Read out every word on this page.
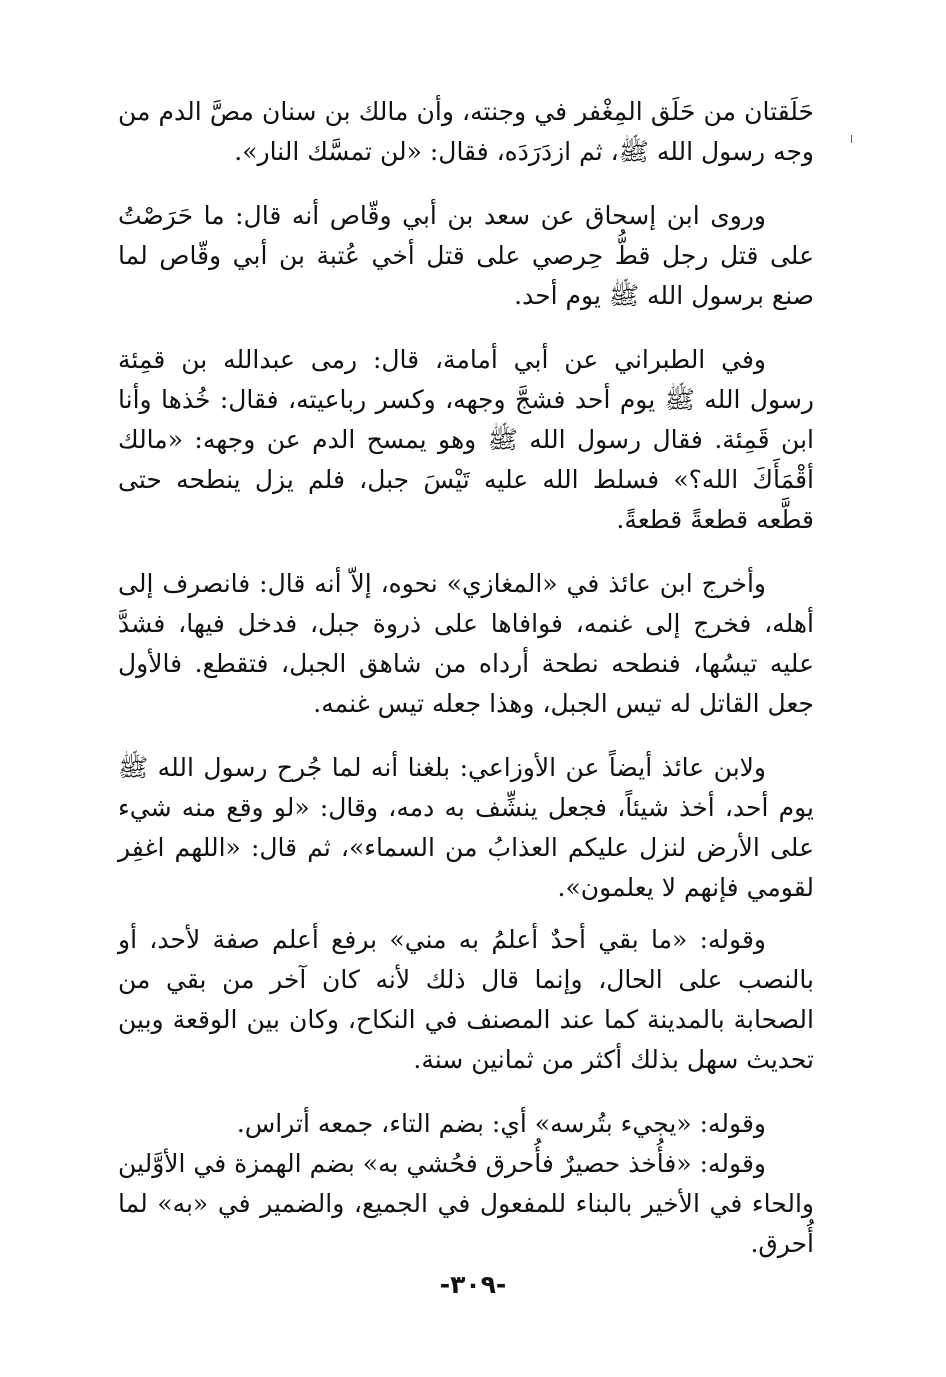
حَلَقتان من حَلَق المِغْفر في وجنته، وأن مالك بن سنان مصَّ الدم من وجه رسول الله ﷺ، ثم ازدَرَدَه، فقال: «لن تمسَّك النار».

وروى ابن إسحاق عن سعد بن أبي وقّاص أنه قال: ما حَرَصْتُ على قتل رجل قطُّ حِرصي على قتل أخي عُتبة بن أبي وقّاص لما صنع برسول الله ﷺ يوم أحد.

وفي الطبراني عن أبي أمامة، قال: رمى عبدالله بن قمِئة رسول الله ﷺ يوم أحد فشجَّ وجهه، وكسر رباعيته، فقال: خُذها وأنا ابن قَمِئة. فقال رسول الله ﷺ وهو يمسح الدم عن وجهه: «مالك أقْمَأَكَ الله؟» فسلط الله عليه تَيْسَ جبل، فلم يزل ينطحه حتى قطَّعه قطعةً قطعةً.

وأخرج ابن عائذ في «المغازي» نحوه، إلاّ أنه قال: فانصرف إلى أهله، فخرج إلى غنمه، فوافاها على ذروة جبل، فدخل فيها، فشدَّ عليه تيسُها، فنطحه نطحة أرداه من شاهق الجبل، فتقطع. فالأول جعل القاتل له تيس الجبل، وهذا جعله تيس غنمه.

ولابن عائذ أيضاً عن الأوزاعي: بلغنا أنه لما جُرح رسول الله ﷺ يوم أحد، أخذ شيئاً، فجعل ينشِّف به دمه، وقال: «لو وقع منه شيء على الأرض لنزل عليكم العذابُ من السماء»، ثم قال: «اللهم اغفِر لقومي فإنهم لا يعلمون».

وقوله: «ما بقي أحدٌ أعلمُ به مني» برفع أعلم صفة لأحد، أو بالنصب على الحال، وإنما قال ذلك لأنه كان آخر من بقي من الصحابة بالمدينة كما عند المصنف في النكاح، وكان بين الوقعة وبين تحديث سهل بذلك أكثر من ثمانين سنة.

وقوله: «يجيء بتُرسه» أي: بضم التاء، جمعه أتراس.

وقوله: «فأُخذ حصيرٌ فأُحرق فحُشي به» بضم الهمزة في الأوَّلين والحاء في الأخير بالبناء للمفعول في الجميع، والضمير في «به» لما أُحرق.

-٣٠٩-
